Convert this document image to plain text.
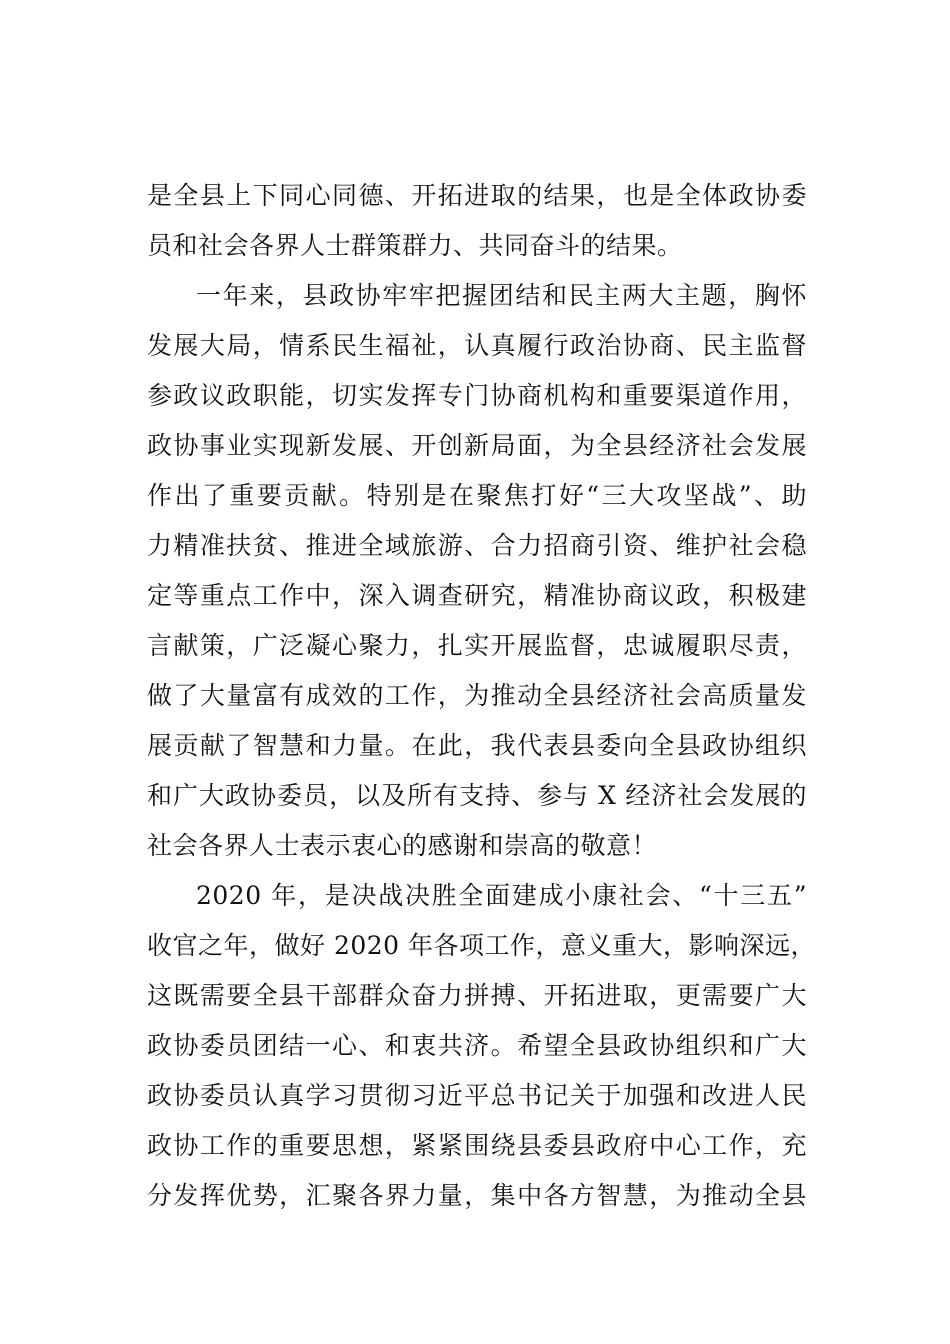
是全县上下同心同德、开拓进取的结果，也是全体政协委
员和社会各界人士群策群力、共同奋斗的结果。
一年来，县政协牢牢把握团结和民主两大主题，胸怀
发展大局，情系民生福祉，认真履行政治协商、民主监督
参政议政职能，切实发挥专门协商机构和重要渠道作用，
政协事业实现新发展、开创新局面，为全县经济社会发展
作出了重要贡献。特别是在聚焦打好“三大攻坚战”、助
力精准扶贫、推进全域旅游、合力招商引资、维护社会稳
定等重点工作中，深入调查研究，精准协商议政，积极建
言献策，广泛凝心聚力，扎实开展监督，忠诚履职尽责，
做了大量富有成效的工作，为推动全县经济社会高质量发
展贡献了智慧和力量。在此，我代表县委向全县政协组织
和广大政协委员，以及所有支持、参与 X 经济社会发展的
社会各界人士表示衷心的感谢和崇高的敬意！
2020 年，是决战决胜全面建成小康社会、“十三五”
收官之年，做好 2020 年各项工作，意义重大，影响深远，
这既需要全县干部群众奋力拼搏、开拓进取，更需要广大
政协委员团结一心、和衷共济。希望全县政协组织和广大
政协委员认真学习贯彻习近平总书记关于加强和改进人民
政协工作的重要思想，紧紧围绕县委县政府中心工作，充
分发挥优势，汇聚各界力量，集中各方智慧，为推动全县
